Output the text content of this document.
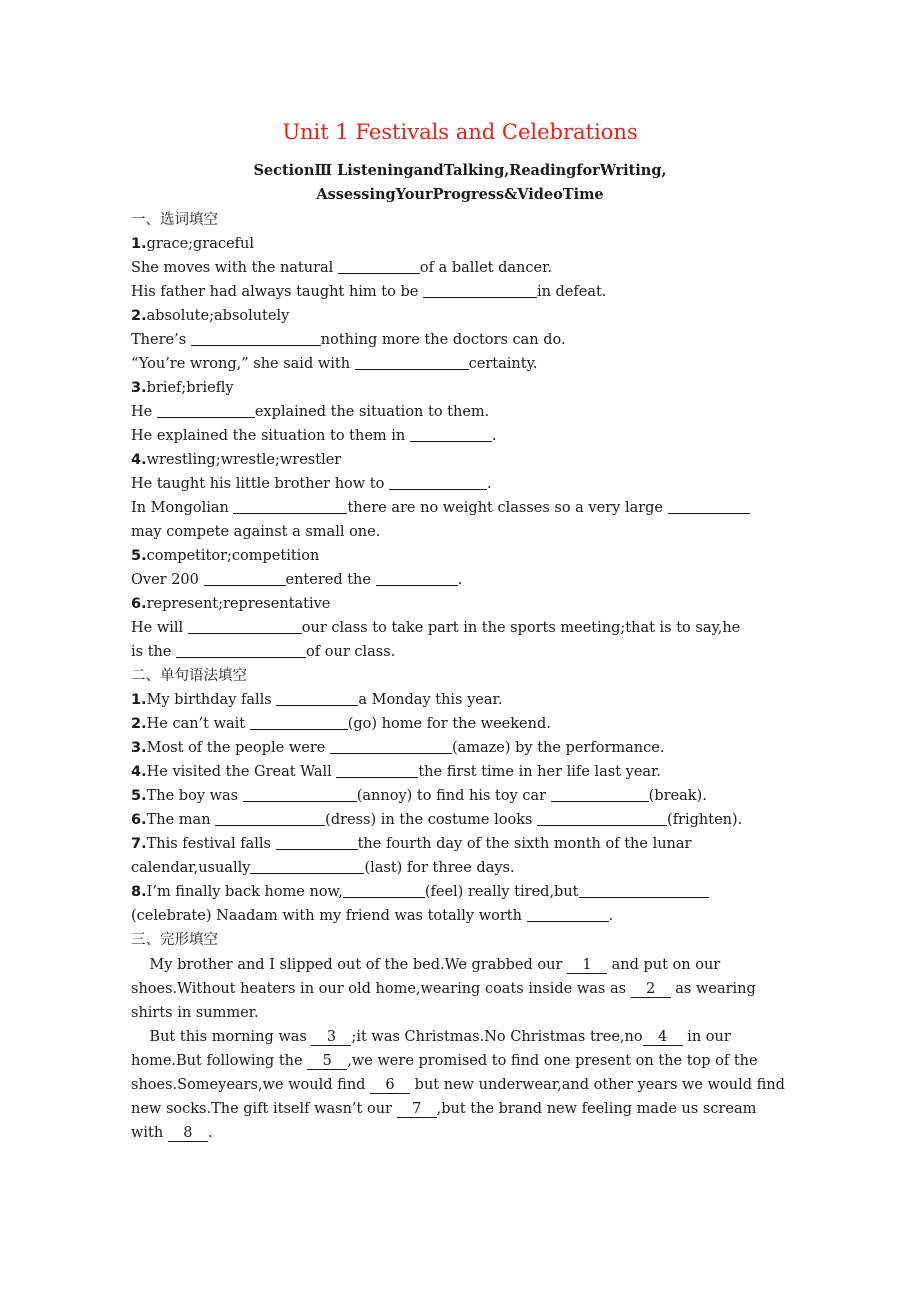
Unit 1 Festivals and Celebrations
SectionⅢ ListeningandTalking,ReadingforWriting,
AssessingYourProgress&VideoTime
一、选词填空
1.grace;graceful
She moves with the natural	of a ballet dancer.
His father had always taught him to be	in defeat.
2.absolute;absolutely
There’s	nothing more the doctors can do.
“You’re wrong,” she said with	certainty.
3.brief;briefly
He	explained the situation to them.
He explained the situation to them in	.
4.wrestling;wrestle;wrestler
He taught his little brother how to	.
In Mongolian	there are no weight classes so a very large
may compete against a small one.
5.competitor;competition
Over 200	entered the	.
6.represent;representative
He will	our class to take part in the sports meeting;that is to say,he
is the	of our class.
二、单句语法填空
1.My birthday falls	a Monday this year.
2.He can’t wait	(go) home for the weekend.
3.Most of the people were	(amaze) by the performance.
4.He visited the Great Wall	the first time in her life last year.
5.The boy was	(annoy) to find his toy car	(break).
6.The man	(dress) in the costume looks	(frighten).
7.This festival falls	the fourth day of the sixth month of the lunar
calendar,usually	(last) for three days.
8.I’m finally back home now,	(feel) really tired,but
(celebrate) Naadam with my friend was totally worth	.
三、完形填空
My brother and I slipped out of the bed.We grabbed our 1 and put on our
shoes.Without heaters in our old home,wearing coats inside was as 2 as wearing
shirts in summer.
But this morning was 3 ;it was Christmas.No Christmas tree,no 4 in our
home.But following the 5 ,we were promised to find one present on the top of the
shoes.Someyears,we would find 6 but new underwear,and other years we would find
new socks.The gift itself wasn’t our 7 ,but the brand new feeling made us scream
with 8 .
